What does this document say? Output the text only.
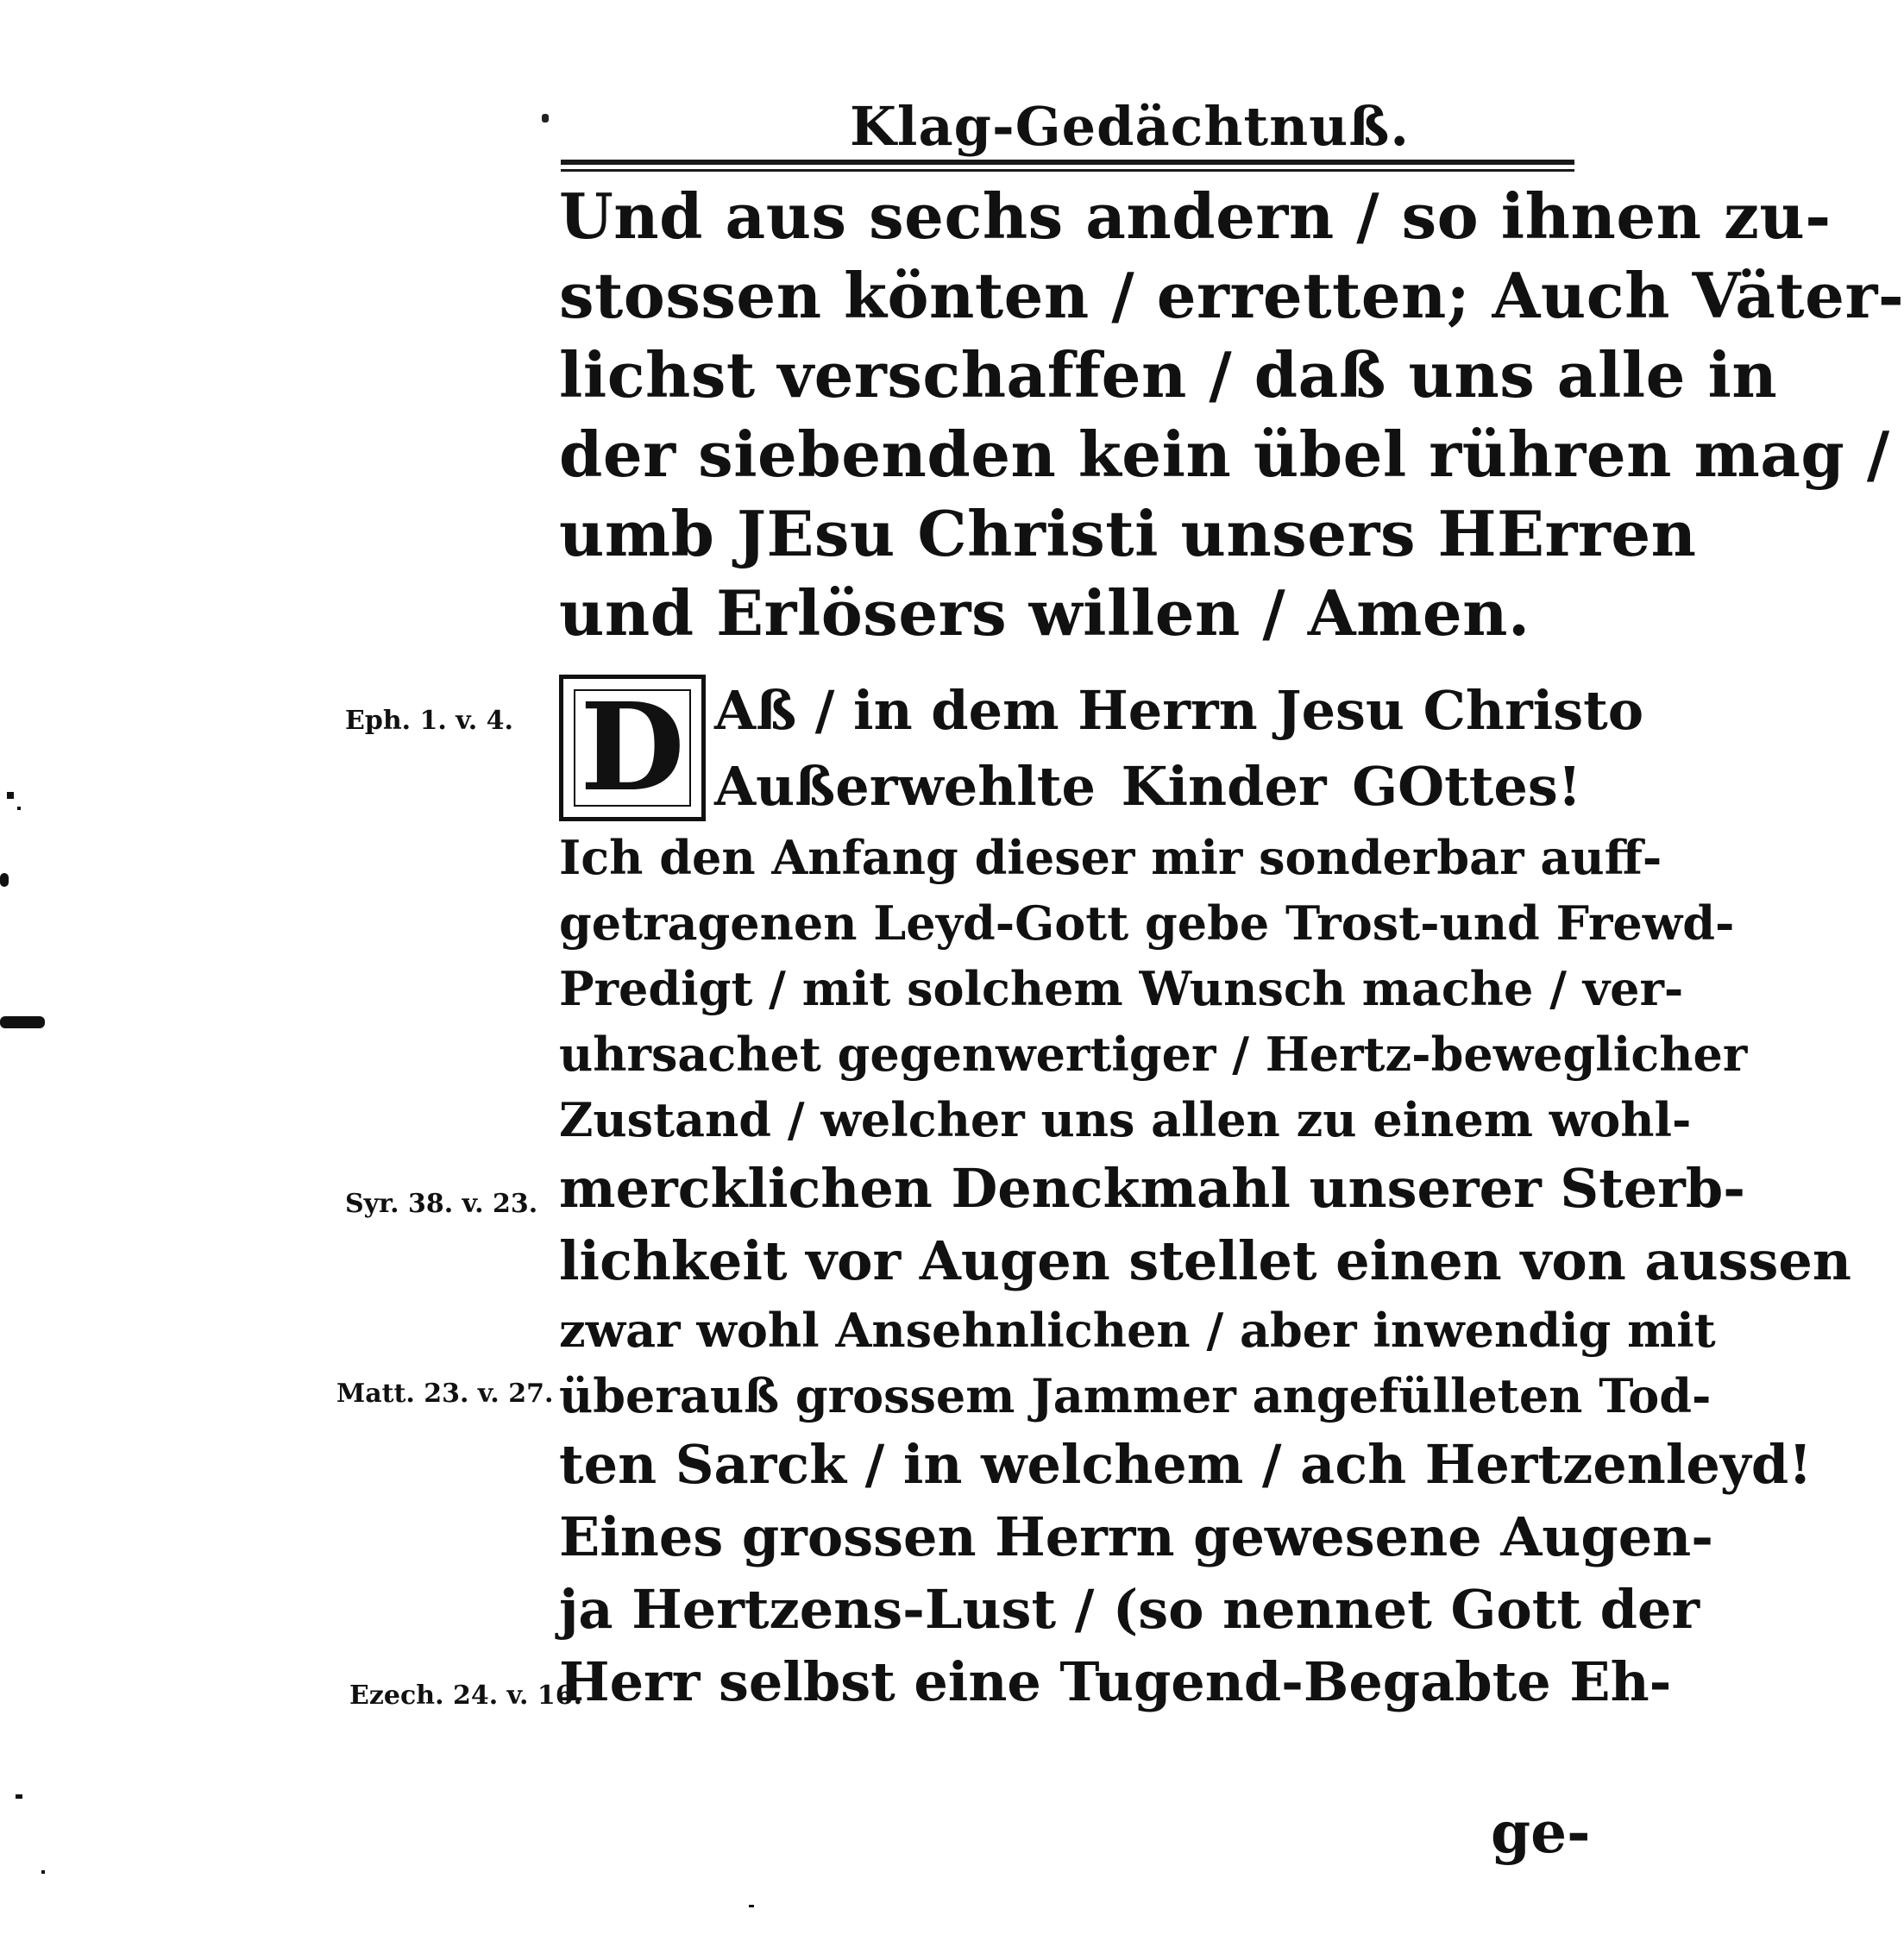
Klag-Gedächtnuß.
Und aus sechs andern / so ihnen zu-
stossen könten / erretten; Auch Väter-
lichst verschaffen / daß uns alle in
der siebenden kein übel rühren mag /
umb JEsu Christi unsers HErren
und Erlösers willen / Amen.
D Aß / in dem Herrn Jesu Christo
Außerwehlte Kinder GOttes!
Ich den Anfang dieser mir sonderbar auff-
getragenen Leyd-Gott gebe Trost-und Frewd-
Predigt / mit solchem Wunsch mache / ver-
uhrsachet gegenwertiger / Hertz-beweglicher
Zustand / welcher uns allen zu einem wohl-
mercklichen Denckmahl unserer Sterb-
lichkeit vor Augen stellet einen von aussen
zwar wohl Ansehnlichen / aber inwendig mit
überauß grossem Jammer angefülleten Tod-
ten Sarck / in welchem / ach Hertzenleyd!
Eines grossen Herrn gewesene Augen-
ja Hertzens-Lust / (so nennet Gott der
Herr selbst eine Tugend-Begabte Eh-
Eph. 1. v. 4.
Syr. 38. v. 23.
Matt. 23. v. 27.
Ezech. 24. v. 16.
ge-
